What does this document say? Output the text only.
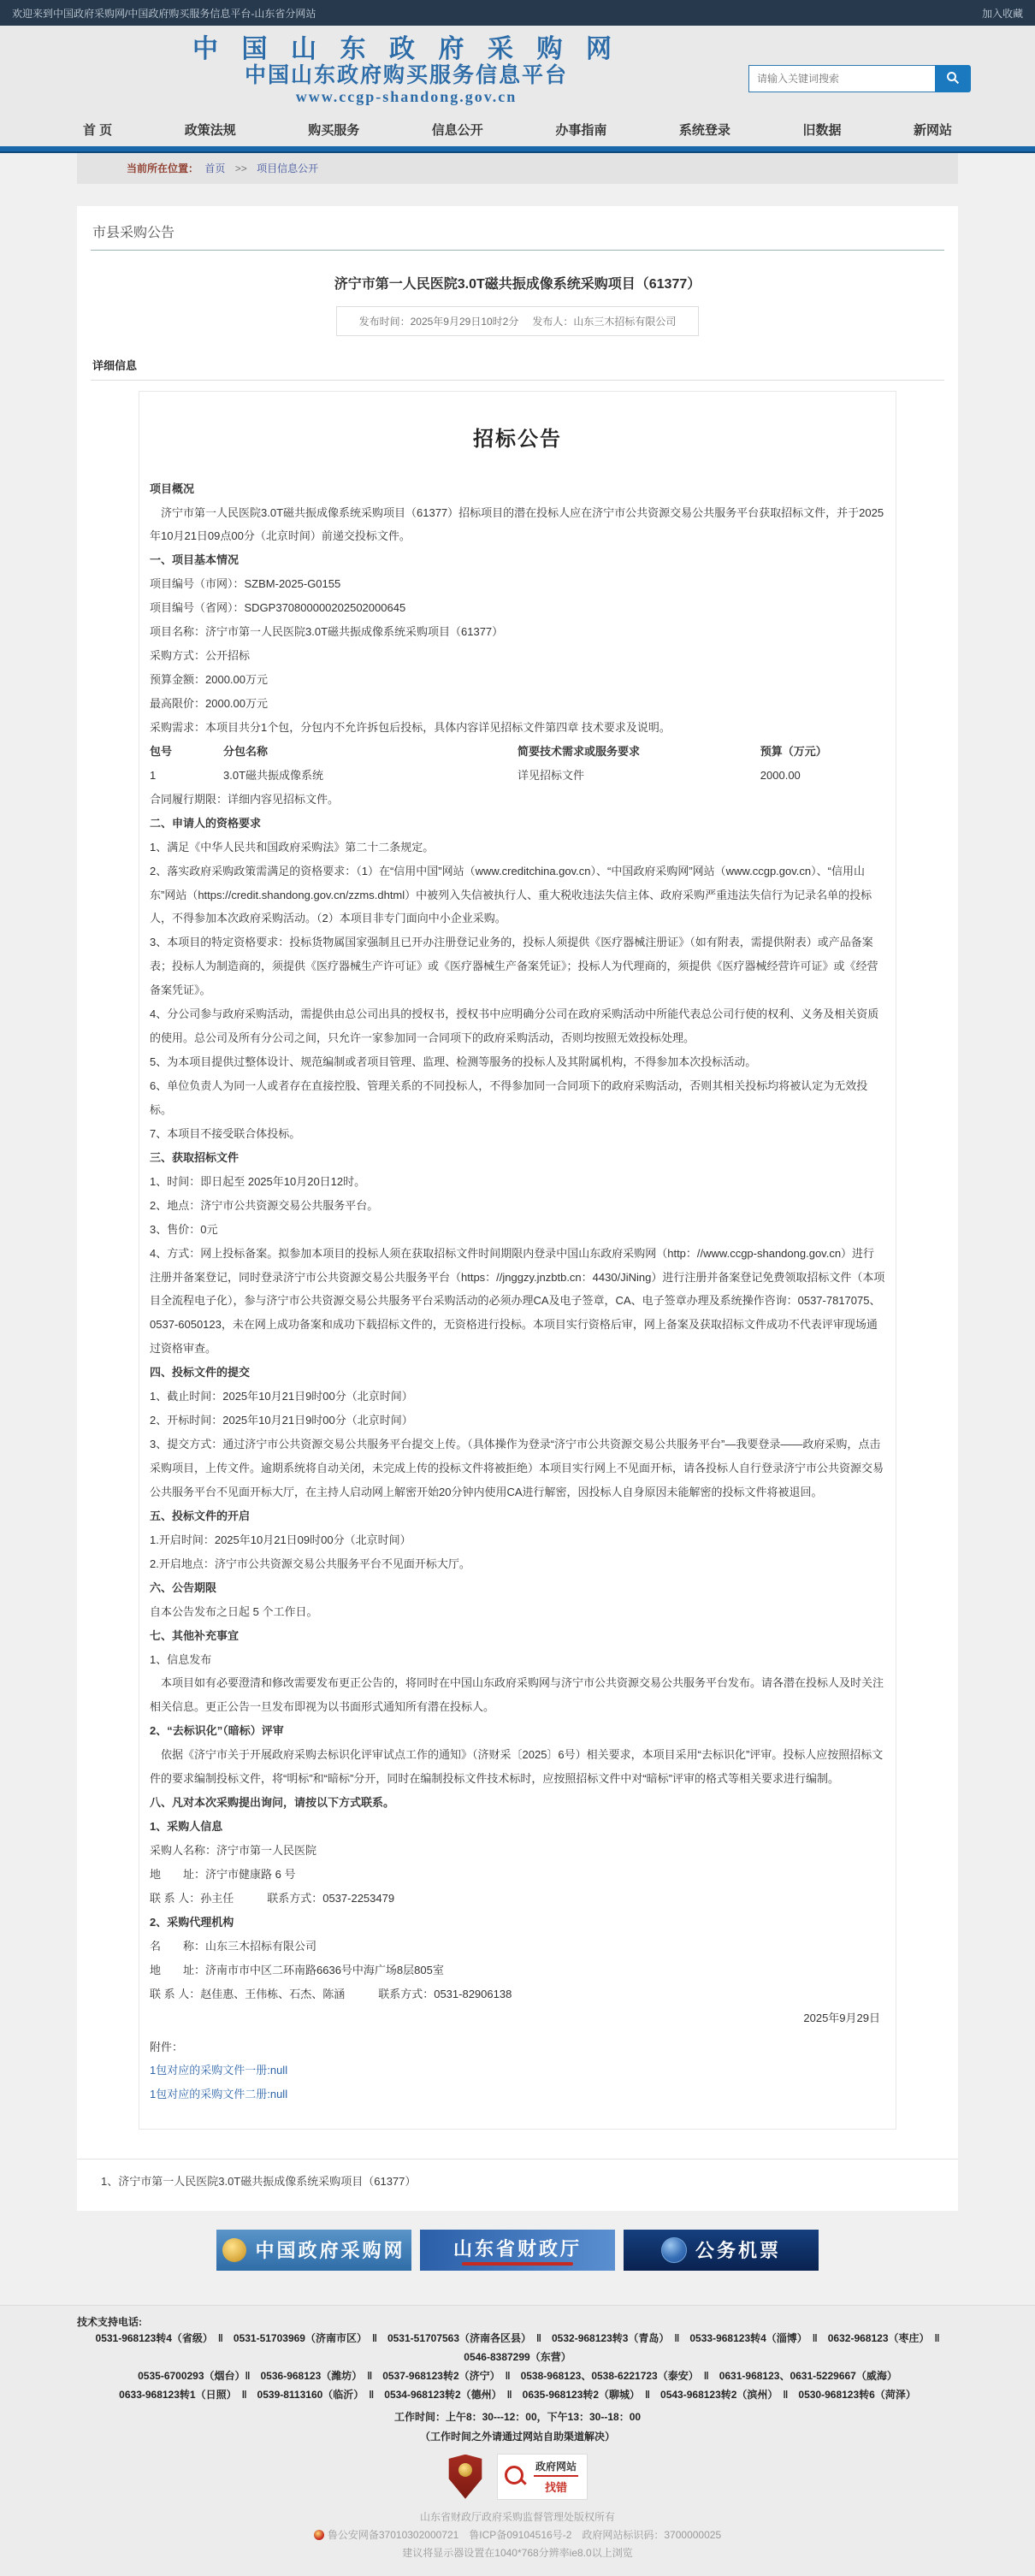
欢迎来到中国政府采购网/中国政府购买服务信息平台-山东省分网站	加入收藏
中 国 山 东 政 府 采 购 网
中国山东政府购买服务信息平台
www.ccgp-shandong.gov.cn
请输入关键词搜索
首 页	政策法规	购买服务	信息公开	办事指南	系统登录	旧数据	新网站
当前所在位置： 首页 >> 项目信息公开
市县采购公告
济宁市第一人民医院3.0T磁共振成像系统采购项目（61377）
发布时间：2025年9月29日10时2分 发布人：山东三木招标有限公司
详细信息
招标公告

项目概况

　济宁市第一人民医院3.0T磁共振成像系统采购项目（61377）招标项目的潜在投标人应在济宁市公共资源交易公共服务平台获取招标文件，并于2025年10月21日09点00分（北京时间）前递交投标文件。

一、项目基本情况

项目编号（市网）：SZBM-2025-G0155

项目编号（省网）：SDGP370800000202502000645

项目名称：济宁市第一人民医院3.0T磁共振成像系统采购项目（61377）

采购方式：公开招标

预算金额：2000.00万元

最高限价：2000.00万元

采购需求：本项目共分1个包，分包内不允许拆包后投标，具体内容详见招标文件第四章 技术要求及说明。

包号	分包名称	简要技术需求或服务要求	预算（万元）
1	3.0T磁共振成像系统	详见招标文件	2000.00

合同履行期限：详细内容见招标文件。

二、申请人的资格要求

1、满足《中华人民共和国政府采购法》第二十二条规定。

2、落实政府采购政策需满足的资格要求：（1）在“信用中国”网站（www.creditchina.gov.cn）、“中国政府采购网”网站（www.ccgp.gov.cn）、“信用山东”网站（https://credit.shandong.gov.cn/zzms.dhtml）中被列入失信被执行人、重大税收违法失信主体、政府采购严重违法失信行为记录名单的投标人，不得参加本次政府采购活动。（2）本项目非专门面向中小企业采购。

3、本项目的特定资格要求：投标货物属国家强制且已开办注册登记业务的，投标人须提供《医疗器械注册证》（如有附表，需提供附表）或产品备案表；投标人为制造商的，须提供《医疗器械生产许可证》或《医疗器械生产备案凭证》；投标人为代理商的，须提供《医疗器械经营许可证》或《经营备案凭证》。

4、分公司参与政府采购活动，需提供由总公司出具的授权书，授权书中应明确分公司在政府采购活动中所能代表总公司行使的权利、义务及相关资质的使用。总公司及所有分公司之间，只允许一家参加同一合同项下的政府采购活动，否则均按照无效投标处理。

5、为本项目提供过整体设计、规范编制或者项目管理、监理、检测等服务的投标人及其附属机构，不得参加本次投标活动。

6、单位负责人为同一人或者存在直接控股、管理关系的不同投标人，不得参加同一合同项下的政府采购活动，否则其相关投标均将被认定为无效投标。

7、本项目不接受联合体投标。

三、获取招标文件

1、时间：即日起至 2025年10月20日12时。

2、地点：济宁市公共资源交易公共服务平台。

3、售价：0元

4、方式：网上投标备案。拟参加本项目的投标人须在获取招标文件时间期限内登录中国山东政府采购网（http：//www.ccgp-shandong.gov.cn）进行注册并备案登记，同时登录济宁市公共资源交易公共服务平台（https：//jnggzy.jnzbtb.cn：4430/JiNing）进行注册并备案登记免费领取招标文件（本项目全流程电子化），参与济宁市公共资源交易公共服务平台采购活动的必须办理CA及电子签章，CA、电子签章办理及系统操作咨询：0537-7817075、0537-6050123，未在网上成功备案和成功下载招标文件的，无资格进行投标。本项目实行资格后审，网上备案及获取招标文件成功不代表评审现场通过资格审查。

四、投标文件的提交

1、截止时间：2025年10月21日9时00分（北京时间）

2、开标时间：2025年10月21日9时00分（北京时间）

3、提交方式：通过济宁市公共资源交易公共服务平台提交上传。（具体操作为登录“济宁市公共资源交易公共服务平台”—我要登录——政府采购，点击采购项目，上传文件。逾期系统将自动关闭，未完成上传的投标文件将被拒绝）本项目实行网上不见面开标，请各投标人自行登录济宁市公共资源交易公共服务平台不见面开标大厅，在主持人启动网上解密开始20分钟内使用CA进行解密，因投标人自身原因未能解密的投标文件将被退回。

五、投标文件的开启

1.开启时间：2025年10月21日09时00分（北京时间）

2.开启地点：济宁市公共资源交易公共服务平台不见面开标大厅。

六、公告期限

自本公告发布之日起 5 个工作日。

七、其他补充事宜

1、信息发布

　本项目如有必要澄清和修改需要发布更正公告的，将同时在中国山东政府采购网与济宁市公共资源交易公共服务平台发布。请各潜在投标人及时关注相关信息。更正公告一旦发布即视为以书面形式通知所有潜在投标人。

2、“去标识化”（暗标）评审

　依据《济宁市关于开展政府采购去标识化评审试点工作的通知》（济财采〔2025〕6号）相关要求，本项目采用“去标识化”评审。投标人应按照招标文件的要求编制投标文件，将“明标”和“暗标”分开，同时在编制投标文件技术标时，应按照招标文件中对“暗标”评审的格式等相关要求进行编制。

八、凡对本次采购提出询问，请按以下方式联系。

1、采购人信息

采购人名称：济宁市第一人民医院

地　　址：济宁市健康路 6 号

联 系 人：孙主任　　　联系方式：0537-2253479

2、采购代理机构

名　　称：山东三木招标有限公司

地　　址：济南市市中区二环南路6636号中海广场8层805室

联 系 人：赵佳惠、王伟栋、石杰、陈涵　　　联系方式：0531-82906138

2025年9月29日

附件：

1包对应的采购文件一册:null
1包对应的采购文件二册:null
1、济宁市第一人民医院3.0T磁共振成像系统采购项目（61377）
中国政府采购网	山东省财政厅	公务机票
技术支持电话:
0531-968123转4（省级）　‖　0531-51703969（济南市区）　‖　0531-51707563（济南各区县）　‖　0532-968123转3（青岛）　‖　0533-968123转4（淄博）　‖　0632-968123（枣庄）　‖
0546-8387299（东营）
0535-6700293（烟台）‖　0536-968123（潍坊）　‖　0537-968123转2（济宁）　‖　0538-968123、0538-6221723（泰安）　‖　0631-968123、0631-5229667（威海）
0633-968123转1（日照）　‖　0539-8113160（临沂）　‖　0534-968123转2（德州）　‖　0635-968123转2（聊城）　‖　0543-968123转2（滨州）　‖　0530-968123转6（菏泽）
工作时间：上午8：30---12：00，下午13：30--18：00
（工作时间之外请通过网站自助渠道解决）
政府网站
找错
山东省财政厅政府采购监督管理处版权所有
鲁公安网备37010302000721　鲁ICP备09104516号-2　政府网站标识码：3700000025
建议将显示器设置在1040*768分辨率ie8.0以上浏览
